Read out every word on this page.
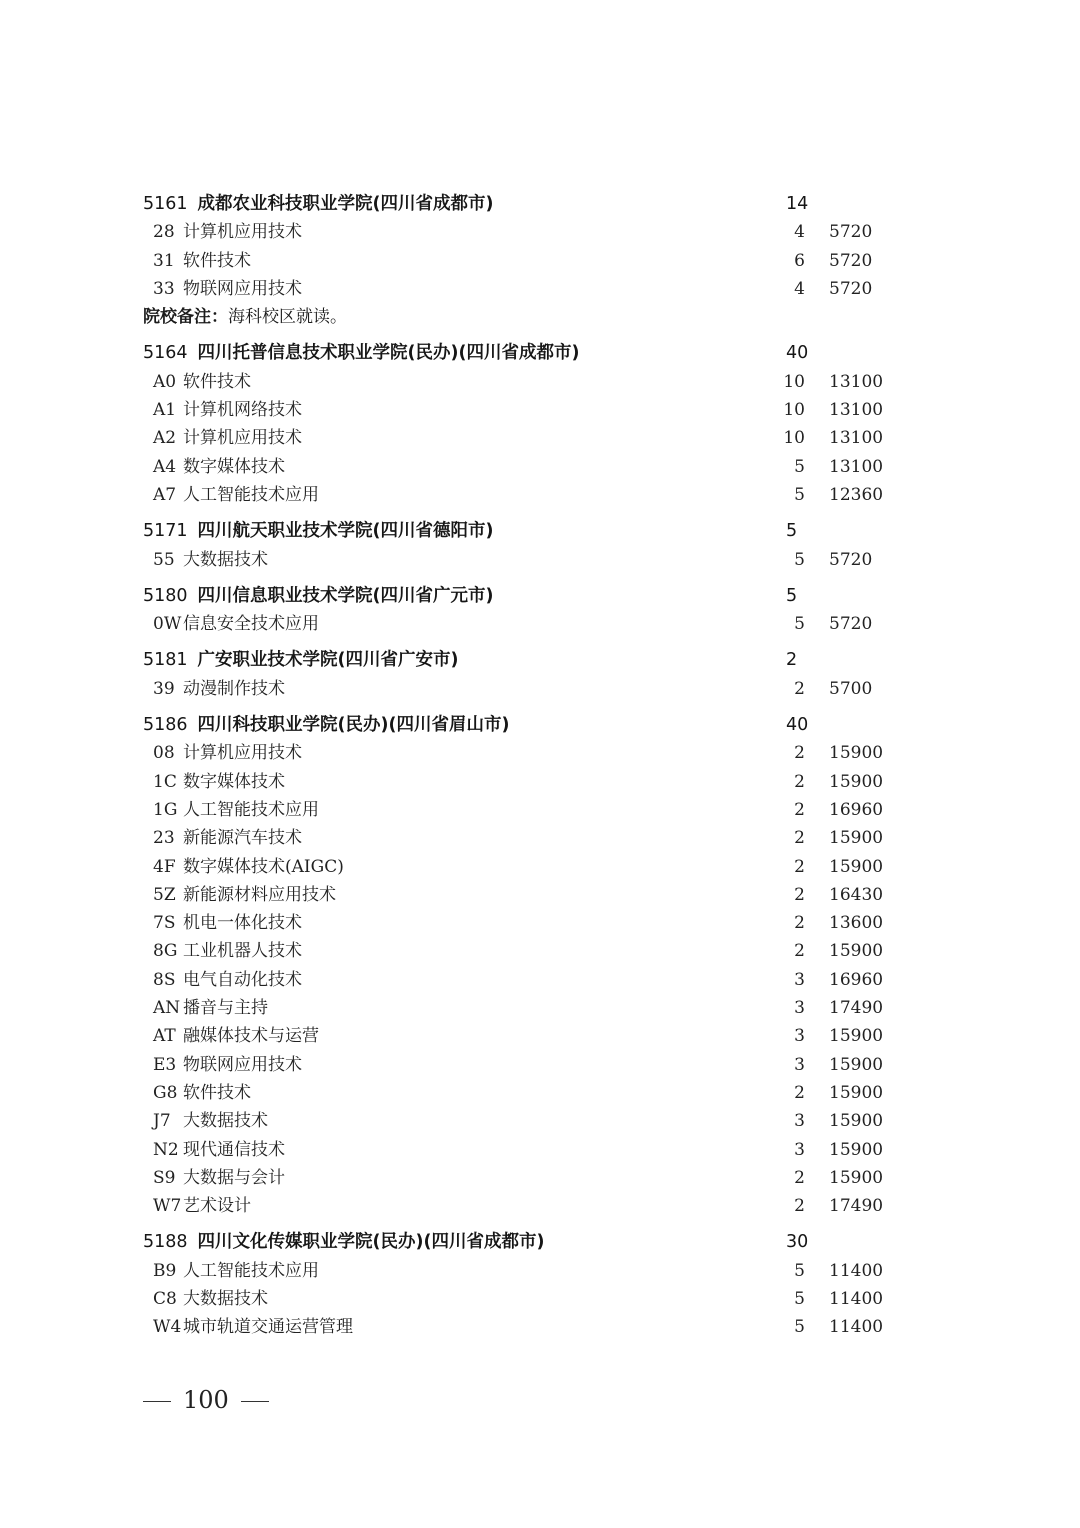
5161 成都农业科技职业学院(四川省成都市)	14
28 计算机应用技术	4 5720
31 软件技术	6 5720
33 物联网应用技术	4 5720
院校备注：海科校区就读。
5164 四川托普信息技术职业学院(民办)(四川省成都市)	40
A0 软件技术	10 13100
A1 计算机网络技术	10 13100
A2 计算机应用技术	10 13100
A4 数字媒体技术	5 13100
A7 人工智能技术应用	5 12360
5171 四川航天职业技术学院(四川省德阳市)	5
55 大数据技术	5 5720
5180 四川信息职业技术学院(四川省广元市)	5
0W 信息安全技术应用	5 5720
5181 广安职业技术学院(四川省广安市)	2
39 动漫制作技术	2 5700
5186 四川科技职业学院(民办)(四川省眉山市)	40
08 计算机应用技术	2 15900
1C 数字媒体技术	2 15900
1G 人工智能技术应用	2 16960
23 新能源汽车技术	2 15900
4F 数字媒体技术(AIGC)	2 15900
5Z 新能源材料应用技术	2 16430
7S 机电一体化技术	2 13600
8G 工业机器人技术	2 15900
8S 电气自动化技术	3 16960
AN 播音与主持	3 17490
AT 融媒体技术与运营	3 15900
E3 物联网应用技术	3 15900
G8 软件技术	2 15900
J7 大数据技术	3 15900
N2 现代通信技术	3 15900
S9 大数据与会计	2 15900
W7 艺术设计	2 17490
5188 四川文化传媒职业学院(民办)(四川省成都市)	30
B9 人工智能技术应用	5 11400
C8 大数据技术	5 11400
W4 城市轨道交通运营管理	5 11400
100
